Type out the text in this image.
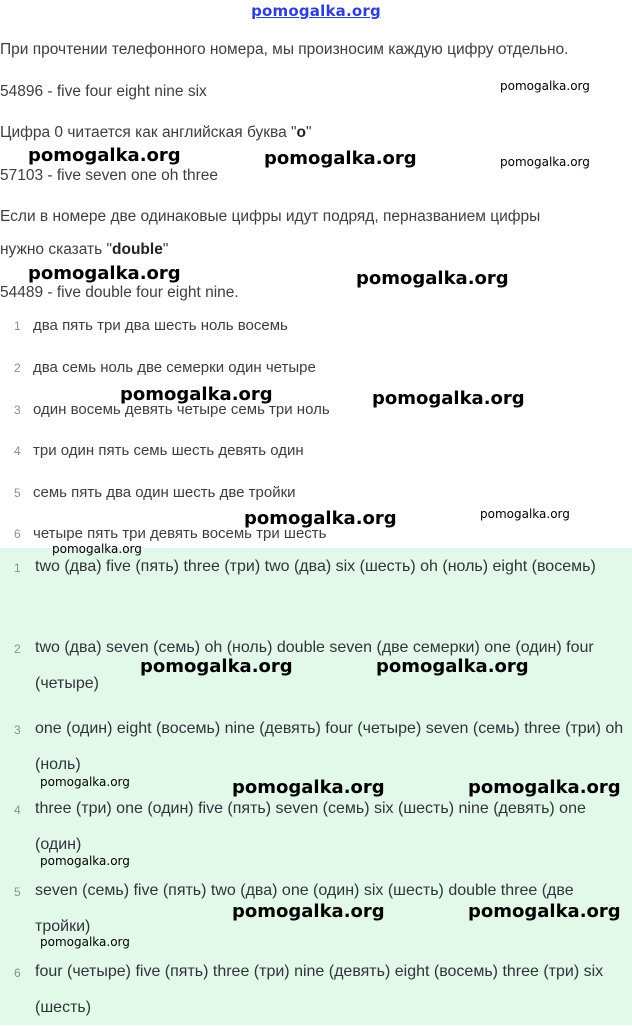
pomogalka.org
При прочтении телефонного номера, мы произносим каждую цифру отдельно.
54896 - five four eight nine six
Цифра 0 читается как английская буква "o"
57103 - five seven one oh three
Если в номере две одинаковые цифры идут подряд, перназванием цифры
нужно сказать "double"
54489 - five double four eight nine.
1 два пять три два шесть ноль восемь
2 два семь ноль две семерки один четыре
3 один восемь девять четыре семь три ноль
4 три один пять семь шесть девять один
5 семь пять два один шесть две тройки
6 четыре пять три девять восемь три шесть
1 two (два) five (пять) three (три) two (два) six (шесть) oh (ноль) eight (восемь)
2 two (два) seven (семь) oh (ноль) double seven (две семерки) one (один) four (четыре)
3 one (один) eight (восемь) nine (девять) four (четыре) seven (семь) three (три) oh (ноль)
4 three (три) one (один) five (пять) seven (семь) six (шесть) nine (девять) one (один)
5 seven (семь) five (пять) two (два) one (один) six (шесть) double three (две тройки)
6 four (четыре) five (пять) three (три) nine (девять) eight (восемь) three (три) six (шесть)
pomogalka.org
pomogalka.org	pomogalka.org	pomogalka.org
pomogalka.org	pomogalka.org
pomogalka.org	pomogalka.org
pomogalka.org	pomogalka.org
pomogalka.org
pomogalka.org	pomogalka.org
pomogalka.org	pomogalka.org	pomogalka.org
pomogalka.org
pomogalka.org	pomogalka.org
pomogalka.org
